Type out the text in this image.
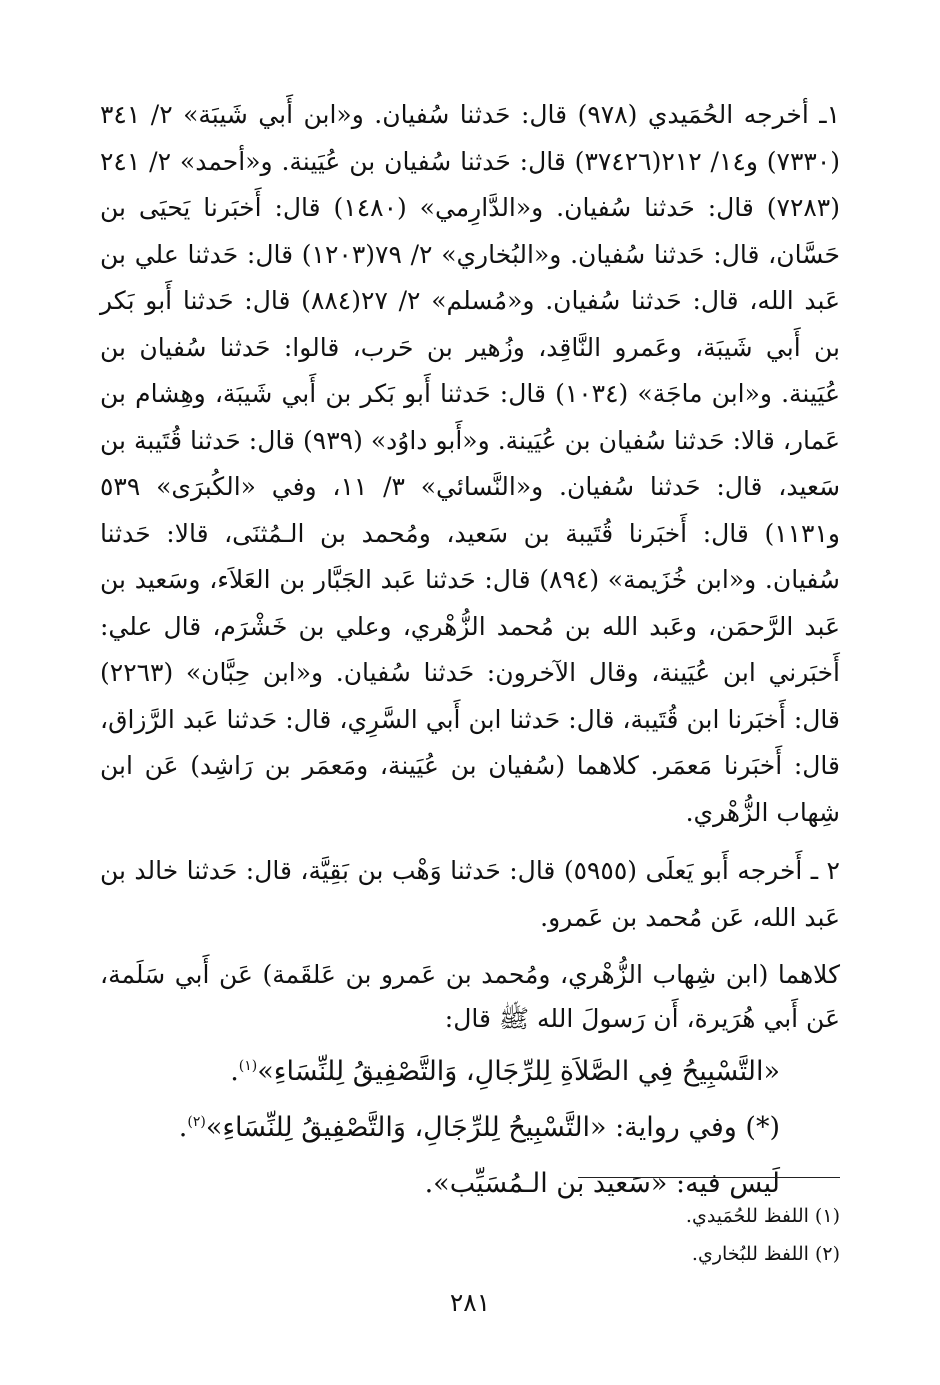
١ـ أخرجه الحُمَيدي (٩٧٨) قال: حَدثنا سُفيان. و«ابن أَبي شَيبَة» ٢/ ٣٤١ (٧٣٣٠) و١٤/ ٢١٢(٣٧٤٢٦) قال: حَدثنا سُفيان بن عُيَينة. و«أحمد» ٢/ ٢٤١ (٧٢٨٣) قال: حَدثنا سُفيان. و«الدَّارِمي» (١٤٨٠) قال: أَخبَرنا يَحيَى بن حَسَّان، قال: حَدثنا سُفيان. و«البُخاري» ٢/ ٧٩(١٢٠٣) قال: حَدثنا علي بن عَبد الله، قال: حَدثنا سُفيان. و«مُسلم» ٢/ ٢٧(٨٨٤) قال: حَدثنا أَبو بَكر بن أَبي شَيبَة، وعَمرو النَّاقِد، وزُهير بن حَرب، قالوا: حَدثنا سُفيان بن عُيَينة. و«ابن ماجَة» (١٠٣٤) قال: حَدثنا أَبو بَكر بن أَبي شَيبَة، وهِشام بن عَمار، قالا: حَدثنا سُفيان بن عُيَينة. و«أَبو داوُد» (٩٣٩) قال: حَدثنا قُتَيبة بن سَعيد، قال: حَدثنا سُفيان. و«النَّسائي» ٣/ ١١، وفي «الكُبرَى» ٥٣٩ و١١٣١) قال: أَخبَرنا قُتَيبة بن سَعيد، ومُحمد بن الـمُثنَى، قالا: حَدثنا سُفيان. و«ابن خُزَيمة» (٨٩٤) قال: حَدثنا عَبد الجَبَّار بن العَلاَء، وسَعيد بن عَبد الرَّحمَن، وعَبد الله بن مُحمد الزُّهْري، وعلي بن خَشْرَم، قال علي: أَخبَرني ابن عُيَينة، وقال الآخرون: حَدثنا سُفيان. و«ابن حِبَّان» (٢٢٦٣) قال: أَخبَرنا ابن قُتَيبة، قال: حَدثنا ابن أَبي السَّرِي، قال: حَدثنا عَبد الرَّزاق، قال: أَخبَرنا مَعمَر. كلاهما (سُفيان بن عُيَينة، ومَعمَر بن رَاشِد) عَن ابن شِهاب الزُّهْري.

٢ ـ أَخرجه أَبو يَعلَى (٥٩٥٥) قال: حَدثنا وَهْب بن بَقِيَّة، قال: حَدثنا خالد بن عَبد الله، عَن مُحمد بن عَمرو.

كلاهما (ابن شِهاب الزُّهْري، ومُحمد بن عَمرو بن عَلقَمة) عَن أَبي سَلَمة، عَن أَبي هُرَيرة، أَن رَسولَ الله ﷺ قال:

«التَّسْبِيحُ فِي الصَّلاَةِ لِلرِّجَالِ، وَالتَّصْفِيقُ لِلنِّسَاءِ»$^{(١)}$.

(*) وفي رواية: «التَّسْبِيحُ لِلرِّجَالِ، وَالتَّصْفِيقُ لِلنِّسَاءِ»$^{(٢)}$.

لَيس فيه: «سَعيد بن الـمُسَيِّب».

(١) اللفظ للحُمَيدي.

(٢) اللفظ للبُخاري.

٢٨١
